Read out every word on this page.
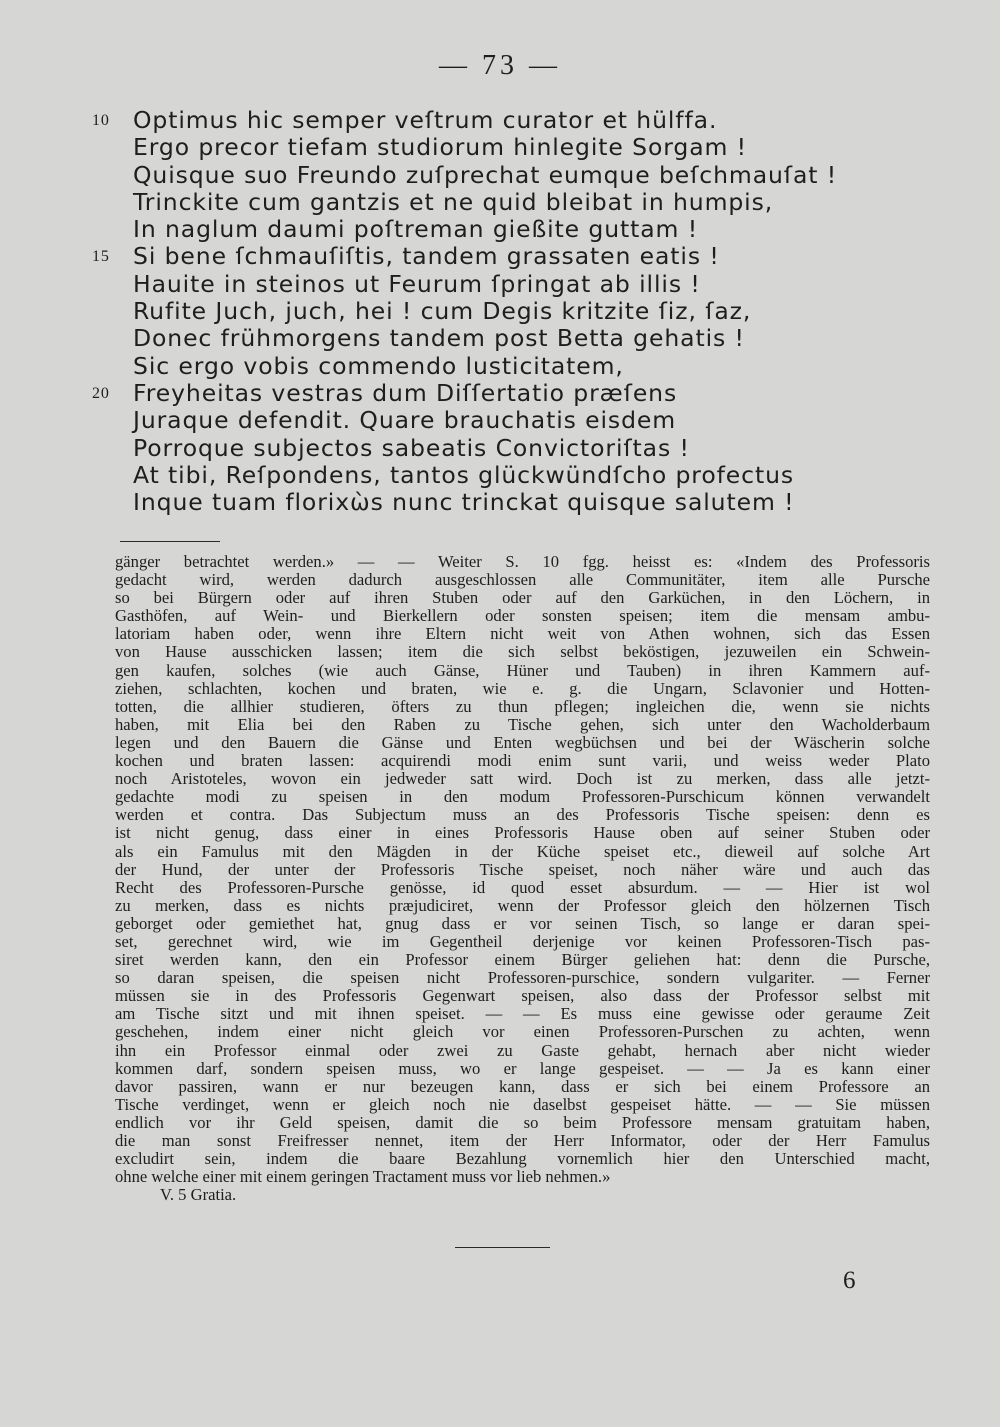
— 73 —
10 Optimus hic semper veſtrum curator et hülffa.
Ergo precor tiefam studiorum hinlegite Sorgam !
Quisque suo Freundo zuſprechat eumque beſchmauſat !
Trinckite cum gantzis et ne quid bleibat in humpis,
In naglum daumi poſtreman gießite guttam !
15 Si bene ſchmauſiſtis, tandem grassaten eatis !
Hauite in steinos ut Feurum ſpringat ab illis !
Rufite Juch, juch, hei ! cum Degis kritzite ſiz, ſaz,
Donec frühmorgens tandem post Betta gehatis !
Sic ergo vobis commendo lusticitatem,
20 Freyheitas vestras dum Diſſertatio præſens
Juraque defendit. Quare brauchatis eisdem
Porroque subjectos sabeatis Convictoriſtas !
At tibi, Reſpondens, tantos glückwündſcho profectus
Inque tuam florixὼs nunc trinckat quisque salutem !
gänger betrachtet werden.» — — Weiter S. 10 fgg. heisst es: «Indem des Professoris
gedacht wird, werden dadurch ausgeschlossen alle Communitäter, item alle Pursche
so bei Bürgern oder auf ihren Stuben oder auf den Garküchen, in den Löchern, in
Gasthöfen, auf Wein- und Bierkellern oder sonsten speisen; item die mensam ambu-
latoriam haben oder, wenn ihre Eltern nicht weit von Athen wohnen, sich das Essen
von Hause ausschicken lassen; item die sich selbst beköstigen, jezuweilen ein Schwein-
gen kaufen, solches (wie auch Gänse, Hüner und Tauben) in ihren Kammern auf-
ziehen, schlachten, kochen und braten, wie e. g. die Ungarn, Sclavonier und Hotten-
totten, die allhier studieren, öfters zu thun pflegen; ingleichen die, wenn sie nichts
haben, mit Elia bei den Raben zu Tische gehen, sich unter den Wacholderbaum
legen und den Bauern die Gänse und Enten wegbüchsen und bei der Wäscherin solche
kochen und braten lassen: acquirendi modi enim sunt varii, und weiss weder Plato
noch Aristoteles, wovon ein jedweder satt wird. Doch ist zu merken, dass alle jetzt-
gedachte modi zu speisen in den modum Professoren-Purschicum können verwandelt
werden et contra. Das Subjectum muss an des Professoris Tische speisen: denn es
ist nicht genug, dass einer in eines Professoris Hause oben auf seiner Stuben oder
als ein Famulus mit den Mägden in der Küche speiset etc., dieweil auf solche Art
der Hund, der unter der Professoris Tische speiset, noch näher wäre und auch das
Recht des Professoren-Pursche genösse, id quod esset absurdum. — — Hier ist wol
zu merken, dass es nichts præjudiciret, wenn der Professor gleich den hölzernen Tisch
geborget oder gemiethet hat, gnug dass er vor seinen Tisch, so lange er daran spei-
set, gerechnet wird, wie im Gegentheil derjenige vor keinen Professoren-Tisch pas-
siret werden kann, den ein Professor einem Bürger geliehen hat: denn die Pursche,
so daran speisen, die speisen nicht Professoren-purschice, sondern vulgariter. — Ferner
müssen sie in des Professoris Gegenwart speisen, also dass der Professor selbst mit
am Tische sitzt und mit ihnen speiset. — — Es muss eine gewisse oder geraume Zeit
geschehen, indem einer nicht gleich vor einen Professoren-Purschen zu achten, wenn
ihn ein Professor einmal oder zwei zu Gaste gehabt, hernach aber nicht wieder
kommen darf, sondern speisen muss, wo er lange gespeiset. — — Ja es kann einer
davor passiren, wann er nur bezeugen kann, dass er sich bei einem Professore an
Tische verdinget, wenn er gleich noch nie daselbst gespeiset hätte. — — Sie müssen
endlich vor ihr Geld speisen, damit die so beim Professore mensam gratuitam haben,
die man sonst Freifresser nennet, item der Herr Informator, oder der Herr Famulus
excludirt sein, indem die baare Bezahlung vornemlich hier den Unterschied macht,
ohne welche einer mit einem geringen Tractament muss vor lieb nehmen.»
V. 5 Gratia.
6
